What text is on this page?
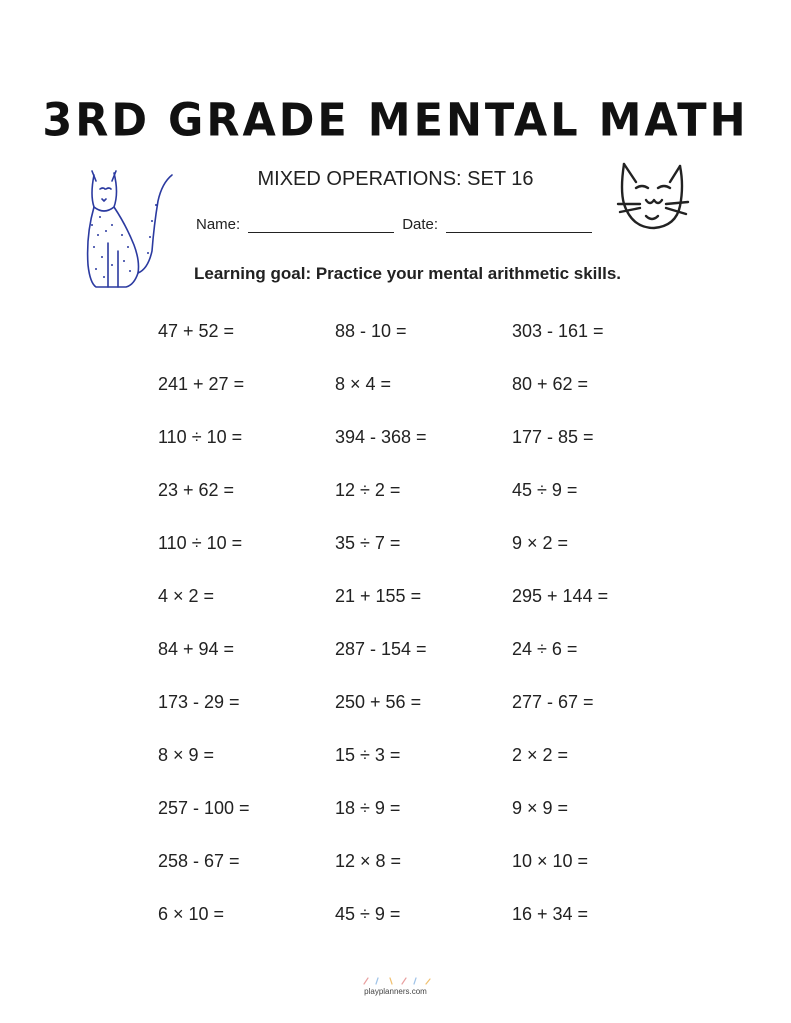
3RD GRADE MENTAL MATH
MIXED OPERATIONS: SET 16
Name:	Date:
Learning goal: Practice your mental arithmetic skills.
47 + 52 =	88 - 10 =	303 - 161 =
241 + 27 =	8 × 4 =	80 + 62 =
110 ÷ 10 =	394 - 368 =	177 - 85 =
23 + 62 =	12 ÷ 2 =	45 ÷ 9 =
110 ÷ 10 =	35 ÷ 7 =	9 × 2 =
4 × 2 =	21 + 155 =	295 + 144 =
84 + 94 =	287 - 154 =	24 ÷ 6 =
173 - 29 =	250 + 56 =	277 - 67 =
8 × 9 =	15 ÷ 3 =	2 × 2 =
257 - 100 =	18 ÷ 9 =	9 × 9 =
258 - 67 =	12 × 8 =	10 × 10 =
6 × 10 =	45 ÷ 9 =	16 + 34 =
playplanners.com
